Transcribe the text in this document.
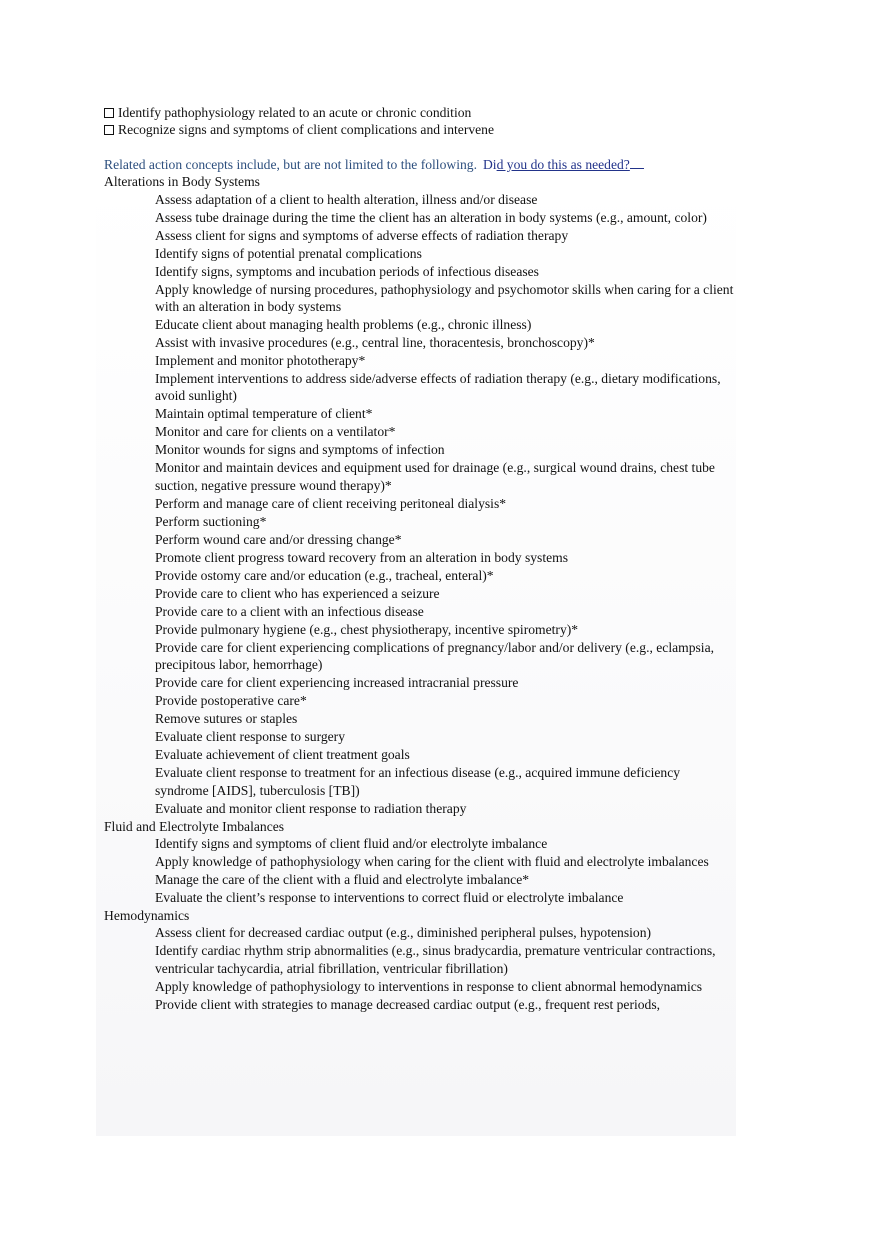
Identify pathophysiology related to an acute or chronic condition

Recognize signs and symptoms of client complications and intervene

Related action concepts include, but are not limited to the following. Did you do this as needed?

Alterations in Body Systems

Assess adaptation of a client to health alteration, illness and/or disease
Assess tube drainage during the time the client has an alteration in body systems (e.g., amount, color)
Assess client for signs and symptoms of adverse effects of radiation therapy
Identify signs of potential prenatal complications
Identify signs, symptoms and incubation periods of infectious diseases
Apply knowledge of nursing procedures, pathophysiology and psychomotor skills when caring for a client with an alteration in body systems
Educate client about managing health problems (e.g., chronic illness)
Assist with invasive procedures (e.g., central line, thoracentesis, bronchoscopy)*
Implement and monitor phototherapy*
Implement interventions to address side/adverse effects of radiation therapy (e.g., dietary modifications, avoid sunlight)
Maintain optimal temperature of client*
Monitor and care for clients on a ventilator*
Monitor wounds for signs and symptoms of infection
Monitor and maintain devices and equipment used for drainage (e.g., surgical wound drains, chest tube suction, negative pressure wound therapy)*
Perform and manage care of client receiving peritoneal dialysis*
Perform suctioning*
Perform wound care and/or dressing change*
Promote client progress toward recovery from an alteration in body systems
Provide ostomy care and/or education (e.g., tracheal, enteral)*
Provide care to client who has experienced a seizure
Provide care to a client with an infectious disease
Provide pulmonary hygiene (e.g., chest physiotherapy, incentive spirometry)*
Provide care for client experiencing complications of pregnancy/labor and/or delivery (e.g., eclampsia, precipitous labor, hemorrhage)
Provide care for client experiencing increased intracranial pressure
Provide postoperative care*
Remove sutures or staples
Evaluate client response to surgery
Evaluate achievement of client treatment goals
Evaluate client response to treatment for an infectious disease (e.g., acquired immune deficiency syndrome [AIDS], tuberculosis [TB])
Evaluate and monitor client response to radiation therapy

Fluid and Electrolyte Imbalances

Identify signs and symptoms of client fluid and/or electrolyte imbalance
Apply knowledge of pathophysiology when caring for the client with fluid and electrolyte imbalances
Manage the care of the client with a fluid and electrolyte imbalance*
Evaluate the client’s response to interventions to correct fluid or electrolyte imbalance

Hemodynamics

Assess client for decreased cardiac output (e.g., diminished peripheral pulses, hypotension)
Identify cardiac rhythm strip abnormalities (e.g., sinus bradycardia, premature ventricular contractions, ventricular tachycardia, atrial fibrillation, ventricular fibrillation)
Apply knowledge of pathophysiology to interventions in response to client abnormal hemodynamics
Provide client with strategies to manage decreased cardiac output (e.g., frequent rest periods,
